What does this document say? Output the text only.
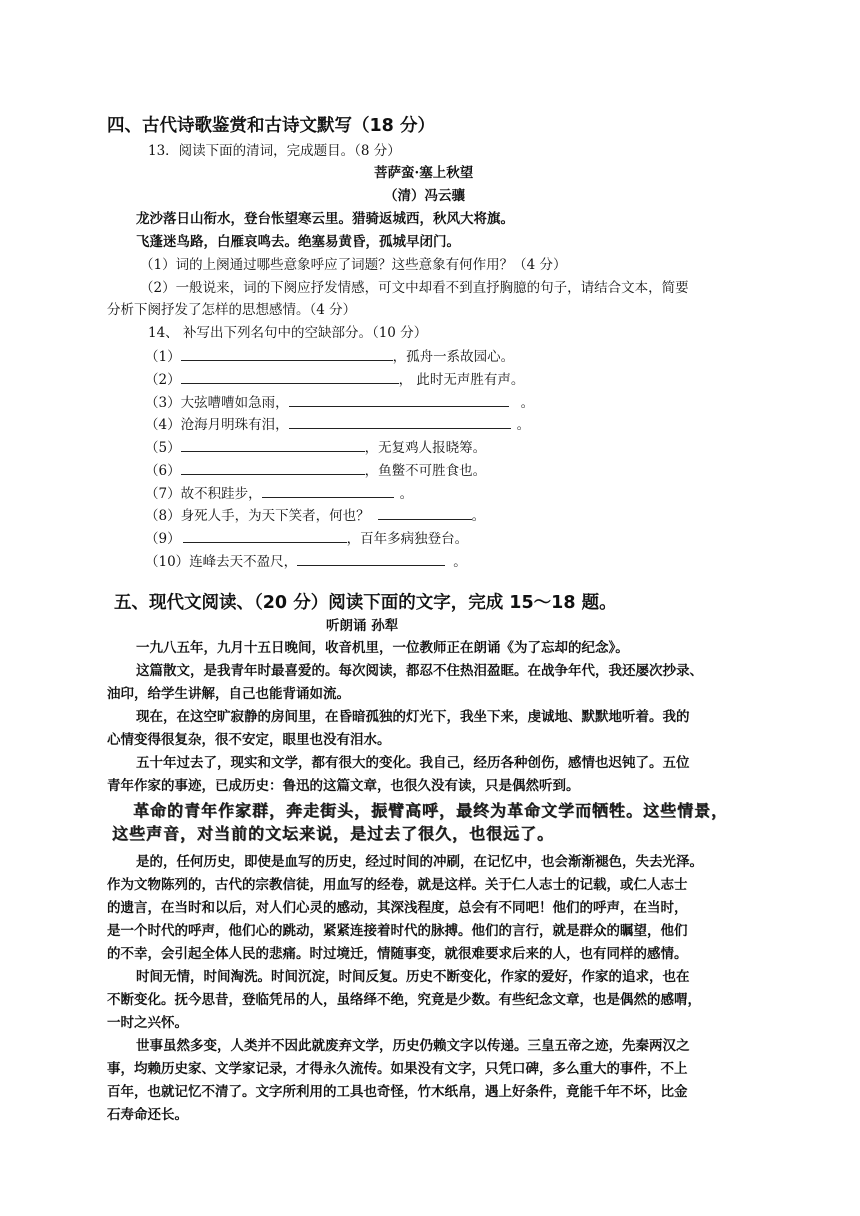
四、古代诗歌鉴赏和古诗文默写（18 分）
13．阅读下面的清词，完成题目。（8 分）
菩萨蛮·塞上秋望
（清）冯云骧
龙沙落日山衔水，登台怅望寒云里。猎骑返城西，秋风大将旗。
飞蓬迷鸟路，白雁哀鸣去。绝塞易黄昏，孤城早闭门。
（1）词的上阕通过哪些意象呼应了词题？这些意象有何作用？（4 分）
（2）一般说来，词的下阕应抒发情感，可文中却看不到直抒胸臆的句子，请结合文本，简要
分析下阕抒发了怎样的思想感情。（4 分）
14、 补写出下列名句中的空缺部分。（10 分）
（1）	，孤舟一系故园心。
（2）	， 此时无声胜有声。
（3）大弦嘈嘈如急雨，	。
（4）沧海月明珠有泪，	。
（5）	，无复鸡人报晓筹。
（6）	，鱼鳖不可胜食也。
（7）故不积跬步，	。
（8）身死人手，为天下笑者，何也？	。
（9）	，百年多病独登台。
（10）连峰去天不盈尺，	。
五、现代文阅读、（20 分）阅读下面的文字，完成 15～18 题。
听朗诵 孙犁
一九八五年，九月十五日晚间，收音机里，一位教师正在朗诵《为了忘却的纪念》。
这篇散文，是我青年时最喜爱的。每次阅读，都忍不住热泪盈眶。在战争年代，我还屡次抄录、
油印，给学生讲解，自己也能背诵如流。
现在，在这空旷寂静的房间里，在昏暗孤独的灯光下，我坐下来，虔诚地、默默地听着。我的
心情变得很复杂，很不安定，眼里也没有泪水。
五十年过去了，现实和文学，都有很大的变化。我自己，经历各种创伤，感情也迟钝了。五位
青年作家的事迹，已成历史：鲁迅的这篇文章，也很久没有读，只是偶然听到。
革命的青年作家群，奔走街头，振臂高呼，最终为革命文学而牺牲。这些情景，
这些声音，对当前的文坛来说，是过去了很久，也很远了。
是的，任何历史，即使是血写的历史，经过时间的冲刷，在记忆中，也会渐渐褪色，失去光泽。
作为文物陈列的，古代的宗教信徒，用血写的经卷，就是这样。关于仁人志士的记载，或仁人志士
的遗言，在当时和以后，对人们心灵的感动，其深浅程度，总会有不同吧！他们的呼声，在当时，
是一个时代的呼声，他们心的跳动，紧紧连接着时代的脉搏。他们的言行，就是群众的瞩望，他们
的不幸，会引起全体人民的悲痛。时过境迁，情随事变，就很难要求后来的人，也有同样的感情。
时间无情，时间淘洗。时间沉淀，时间反复。历史不断变化，作家的爱好，作家的追求，也在
不断变化。抚今思昔，登临凭吊的人，虽络绎不绝，究竟是少数。有些纪念文章，也是偶然的感喟，
一时之兴怀。
世事虽然多变，人类并不因此就废弃文学，历史仍赖文字以传递。三皇五帝之迹，先秦两汉之
事，均赖历史家、文学家记录，才得永久流传。如果没有文字，只凭口碑，多么重大的事件，不上
百年，也就记忆不清了。文字所利用的工具也奇怪，竹木纸帛，遇上好条件，竟能千年不坏，比金
石寿命还长。
